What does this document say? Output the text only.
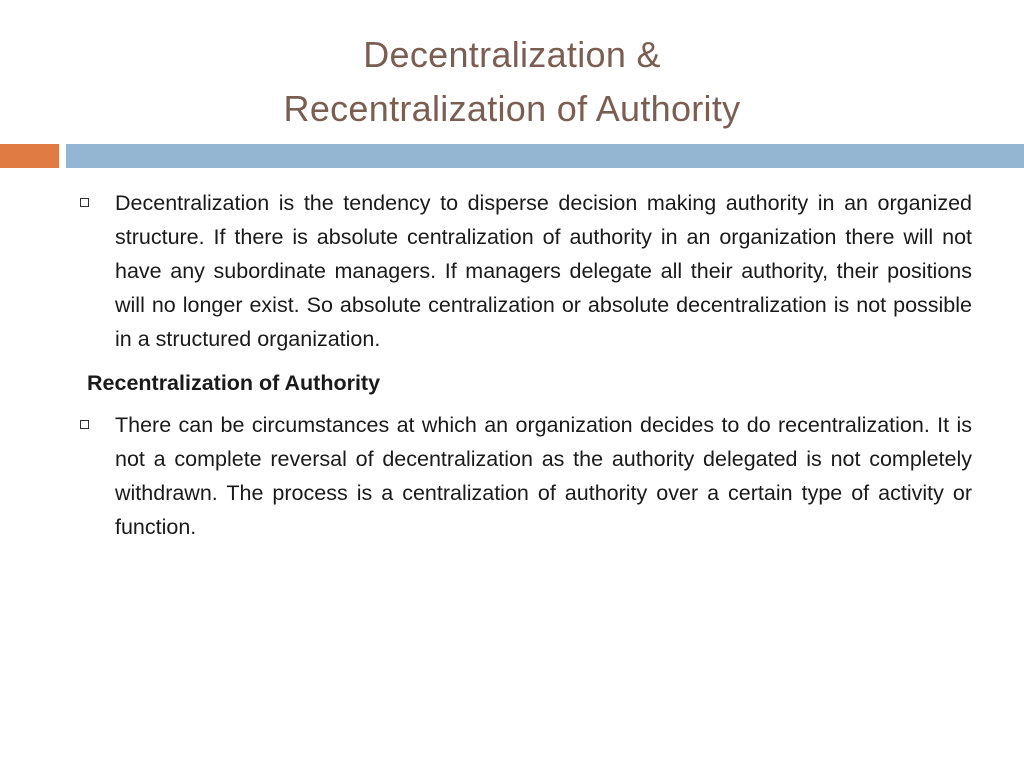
Decentralization &
Recentralization of Authority

Decentralization is the tendency to disperse decision making authority in an organized structure. If there is absolute centralization of authority in an organization there will not have any subordinate managers. If managers delegate all their authority, their positions will no longer exist. So absolute centralization or absolute decentralization is not possible in a structured organization.

Recentralization of Authority

There can be circumstances at which an organization decides to do recentralization. It is not a complete reversal of decentralization as the authority delegated is not completely withdrawn. The process is a centralization of authority over a certain type of activity or function.
